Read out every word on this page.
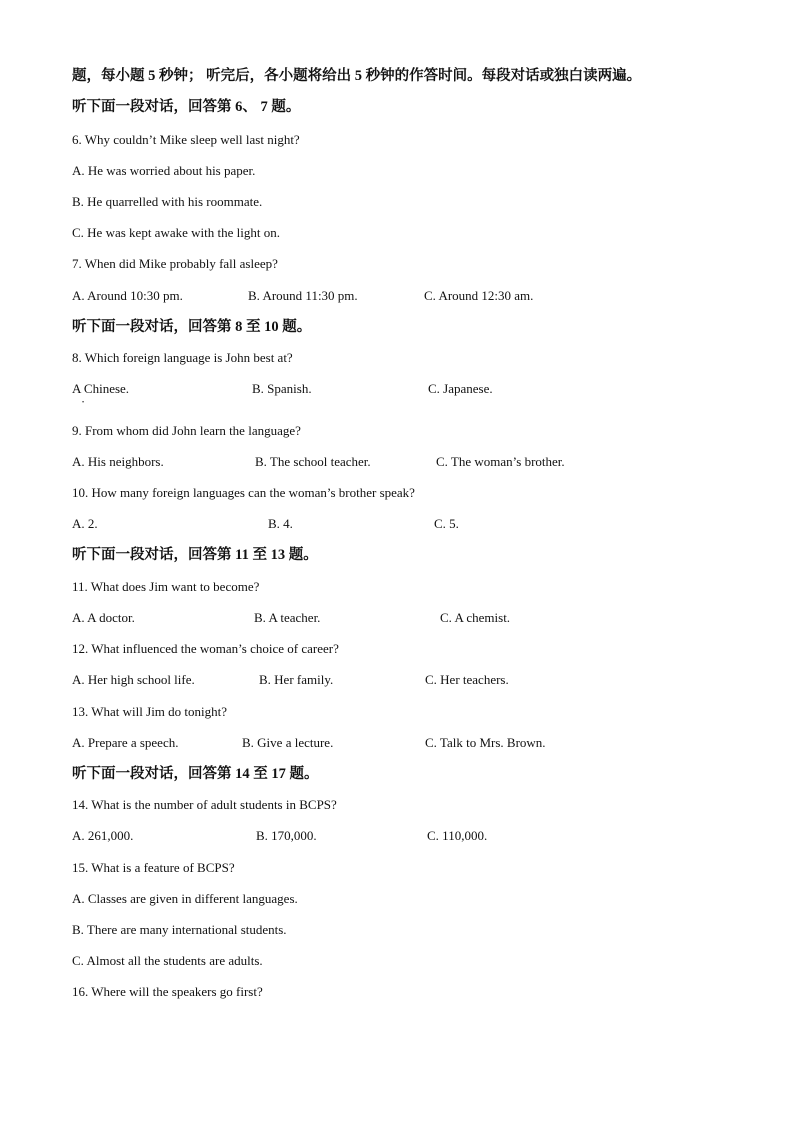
题，每小题 5 秒钟； 听完后，各小题将给出 5 秒钟的作答时间。每段对话或独白读两遍。
听下面一段对话，回答第 6、 7 题。
6. Why couldn’t Mike sleep well last night?
A. He was worried about his paper.
B. He quarrelled with his roommate.
C. He was kept awake with the light on.
7. When did Mike probably fall asleep?
A. Around 10:30 pm.	B. Around 11:30 pm.	C. Around 12:30 am.
听下面一段对话，回答第 8 至 10 题。
8. Which foreign language is John best at?
A Chinese.
•
B. Spanish.	C. Japanese.
9. From whom did John learn the language?
A. His neighbors.	B. The school teacher.	C. The woman’s brother.
10. How many foreign languages can the woman’s brother speak?
A. 2.	B. 4.	C. 5.
听下面一段对话，回答第 11 至 13 题。
11. What does Jim want to become?
A. A doctor.	B. A teacher.	C. A chemist.
12. What influenced the woman’s choice of career?
A. Her high school life.	B. Her family.	C. Her teachers.
13. What will Jim do tonight?
A. Prepare a speech.	B. Give a lecture.	C. Talk to Mrs. Brown.
听下面一段对话，回答第 14 至 17 题。
14. What is the number of adult students in BCPS?
A. 261,000.	B. 170,000.	C. 110,000.
15. What is a feature of BCPS?
A. Classes are given in different languages.
B. There are many international students.
C. Almost all the students are adults.
16. Where will the speakers go first?
